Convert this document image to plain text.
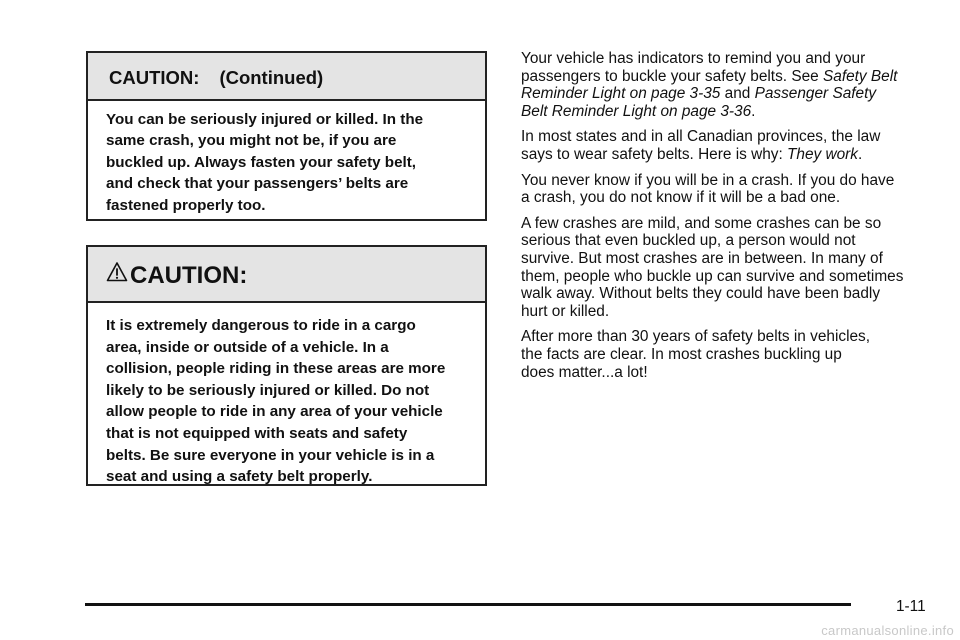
CAUTION: (Continued)
You can be seriously injured or killed. In the
same crash, you might not be, if you are
buckled up. Always fasten your safety belt,
and check that your passengers’ belts are
fastened properly too.
CAUTION:
It is extremely dangerous to ride in a cargo
area, inside or outside of a vehicle. In a
collision, people riding in these areas are more
likely to be seriously injured or killed. Do not
allow people to ride in any area of your vehicle
that is not equipped with seats and safety
belts. Be sure everyone in your vehicle is in a
seat and using a safety belt properly.
Your vehicle has indicators to remind you and your
passengers to buckle your safety belts. See Safety Belt
Reminder Light on page 3-35 and Passenger Safety
Belt Reminder Light on page 3-36.
In most states and in all Canadian provinces, the law
says to wear safety belts. Here is why: They work.
You never know if you will be in a crash. If you do have
a crash, you do not know if it will be a bad one.
A few crashes are mild, and some crashes can be so
serious that even buckled up, a person would not
survive. But most crashes are in between. In many of
them, people who buckle up can survive and sometimes
walk away. Without belts they could have been badly
hurt or killed.
After more than 30 years of safety belts in vehicles,
the facts are clear. In most crashes buckling up
does matter...a lot!
1-11
carmanualsonline.info
